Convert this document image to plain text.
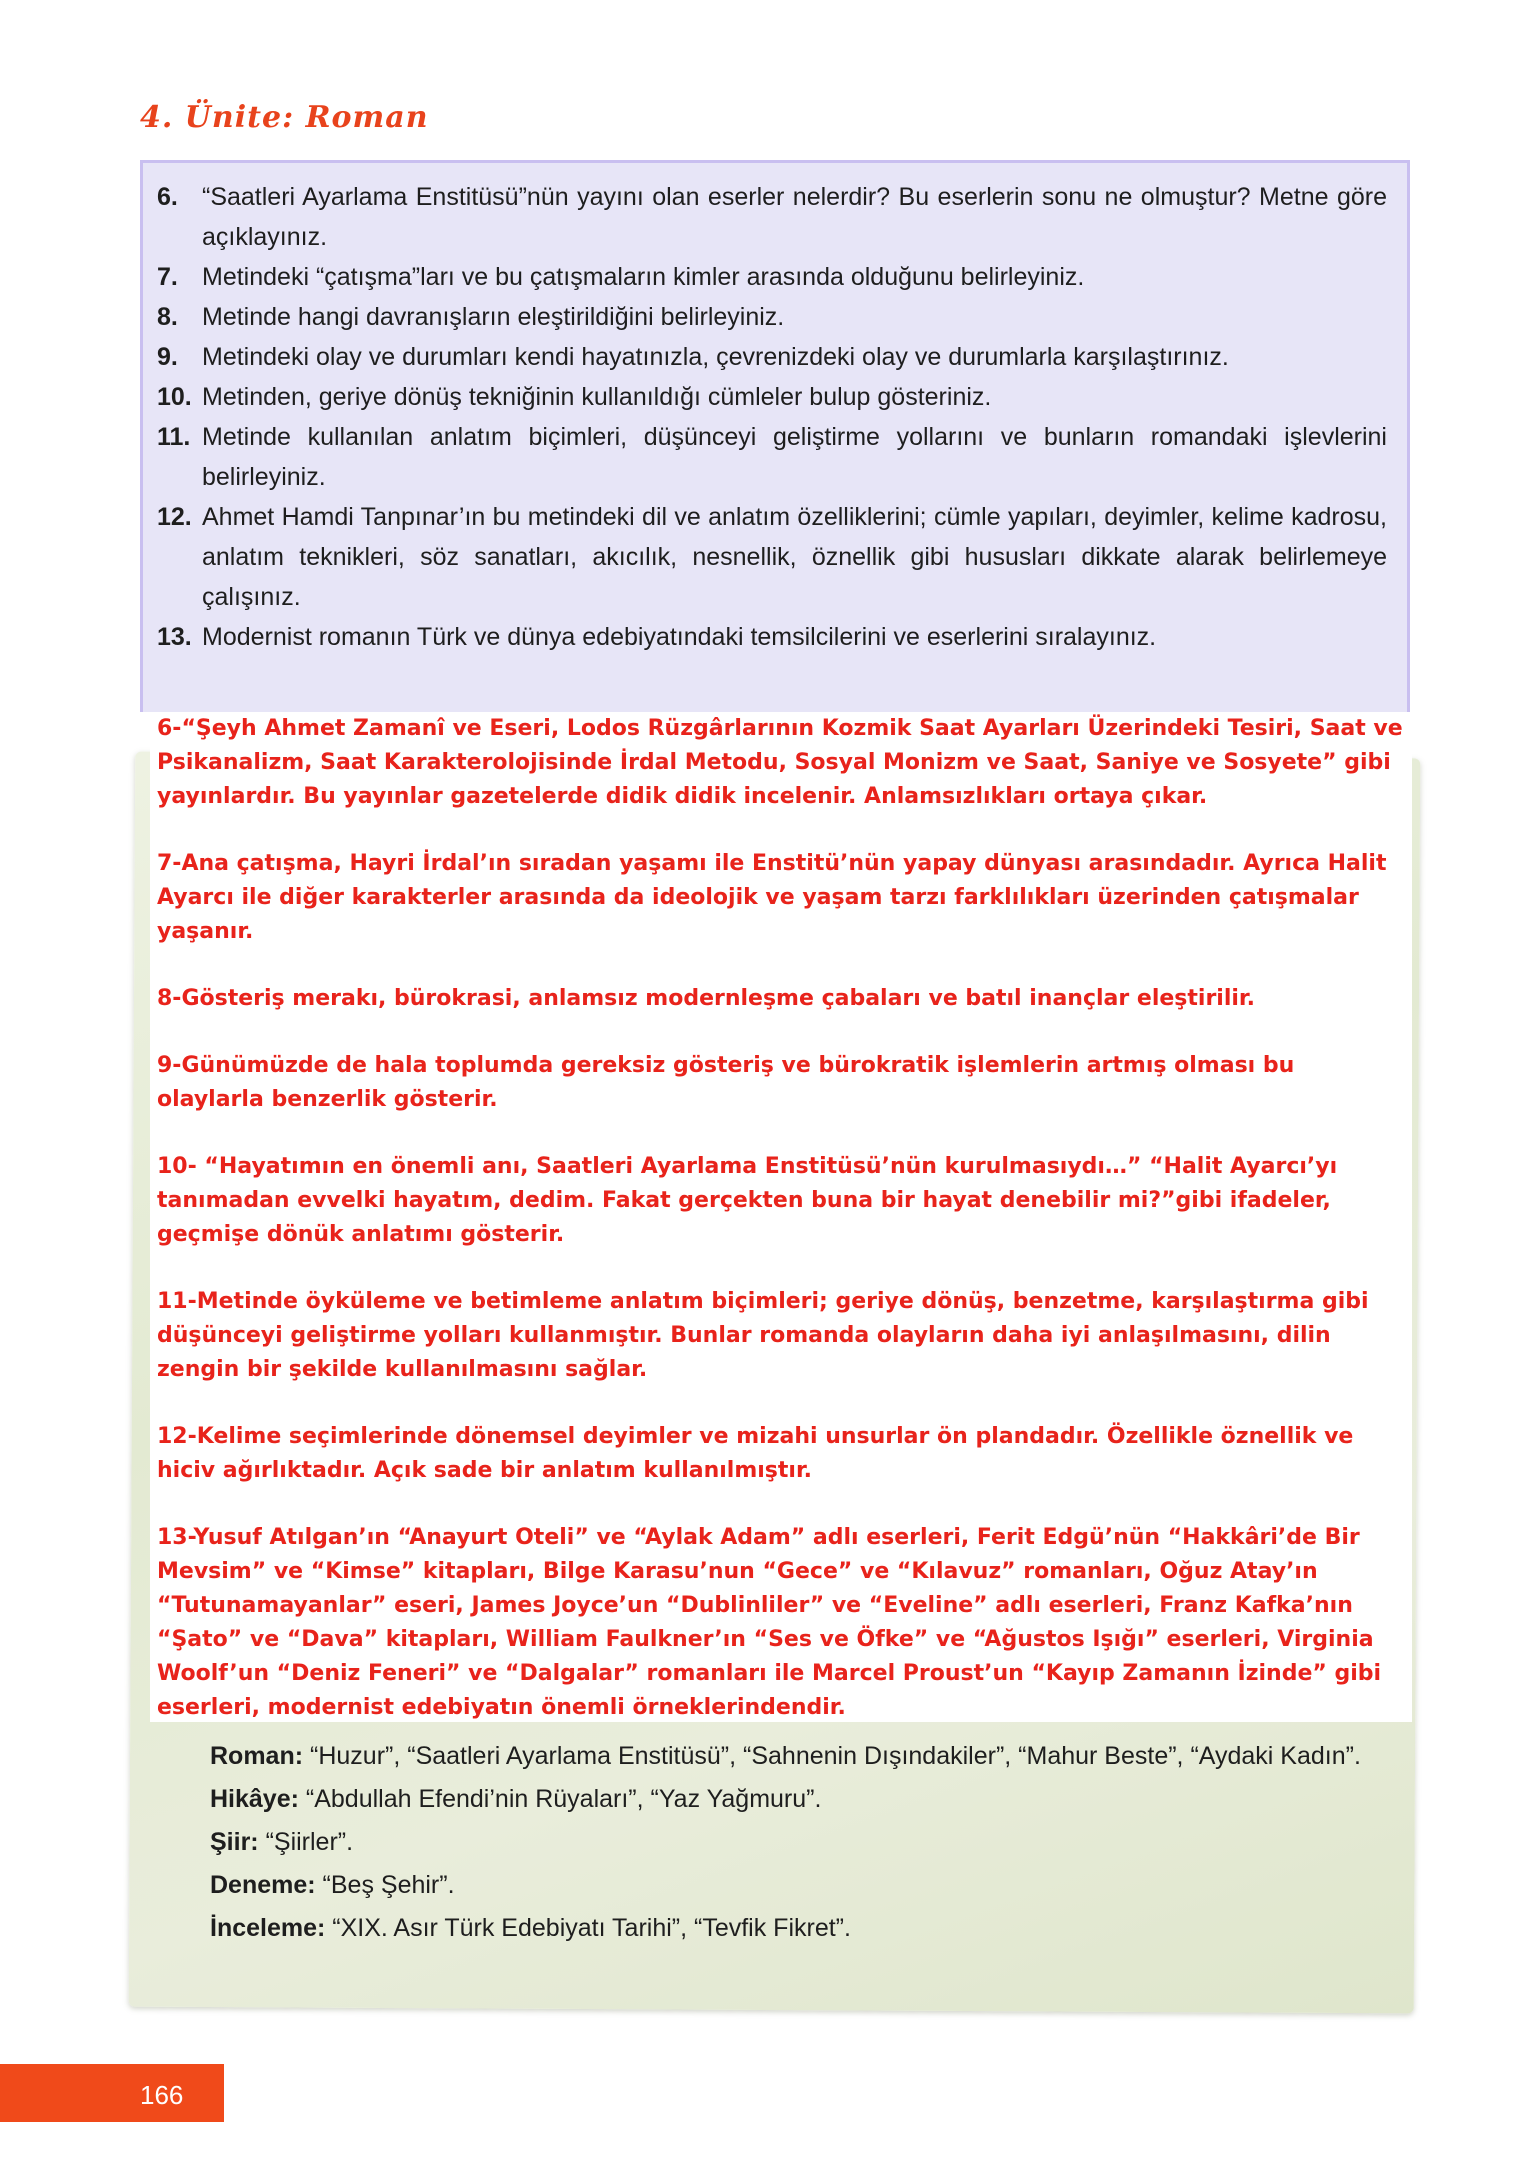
4. Ünite: Roman
6. “Saatleri Ayarlama Enstitüsü”nün yayını olan eserler nelerdir? Bu eserlerin sonu ne olmuştur? Metne göre açıklayınız.
7. Metindeki “çatışma”ları ve bu çatışmaların kimler arasında olduğunu belirleyiniz.
8. Metinde hangi davranışların eleştirildiğini belirleyiniz.
9. Metindeki olay ve durumları kendi hayatınızla, çevrenizdeki olay ve durumlarla karşılaştırınız.
10. Metinden, geriye dönüş tekniğinin kullanıldığı cümleler bulup gösteriniz.
11. Metinde kullanılan anlatım biçimleri, düşünceyi geliştirme yollarını ve bunların romandaki işlevlerini belirleyiniz.
12. Ahmet Hamdi Tanpınar’ın bu metindeki dil ve anlatım özelliklerini; cümle yapıları, deyimler, kelime kadrosu, anlatım teknikleri, söz sanatları, akıcılık, nesnellik, öznellik gibi hususları dikkate alarak belirlemeye çalışınız.
13. Modernist romanın Türk ve dünya edebiyatındaki temsilcilerini ve eserlerini sıralayınız.
6-“Şeyh Ahmet Zamanî ve Eseri, Lodos Rüzgârlarının Kozmik Saat Ayarları Üzerindeki Tesiri, Saat ve Psikanalizm, Saat Karakterolojisinde İrdal Metodu, Sosyal Monizm ve Saat, Saniye ve Sosyete” gibi yayınlardır. Bu yayınlar gazetelerde didik didik incelenir. Anlamsızlıkları ortaya çıkar.
7-Ana çatışma, Hayri İrdal’ın sıradan yaşamı ile Enstitü’nün yapay dünyası arasındadır. Ayrıca Halit Ayarcı ile diğer karakterler arasında da ideolojik ve yaşam tarzı farklılıkları üzerinden çatışmalar yaşanır.
8-Gösteriş merakı, bürokrasi, anlamsız modernleşme çabaları ve batıl inançlar eleştirilir.
9-Günümüzde de hala toplumda gereksiz gösteriş ve bürokratik işlemlerin artmış olması bu olaylarla benzerlik gösterir.
10- “Hayatımın en önemli anı, Saatleri Ayarlama Enstitüsü’nün kurulmasıydı…” “Halit Ayarcı’yı tanımadan evvelki hayatım, dedim. Fakat gerçekten buna bir hayat denebilir mi?”gibi ifadeler, geçmişe dönük anlatımı gösterir.
11-Metinde öyküleme ve betimleme anlatım biçimleri; geriye dönüş, benzetme, karşılaştırma gibi düşünceyi geliştirme yolları kullanmıştır. Bunlar romanda olayların daha iyi anlaşılmasını, dilin zengin bir şekilde kullanılmasını sağlar.
12-Kelime seçimlerinde dönemsel deyimler ve mizahi unsurlar ön plandadır. Özellikle öznellik ve hiciv ağırlıktadır. Açık sade bir anlatım kullanılmıştır.
13-Yusuf Atılgan’ın “Anayurt Oteli” ve “Aylak Adam” adlı eserleri, Ferit Edgü’nün “Hakkâri’de Bir Mevsim” ve “Kimse” kitapları, Bilge Karasu’nun “Gece” ve “Kılavuz” romanları, Oğuz Atay’ın “Tutunamayanlar” eseri, James Joyce’un “Dublinliler” ve “Eveline” adlı eserleri, Franz Kafka’nın “Şato” ve “Dava” kitapları, William Faulkner’ın “Ses ve Öfke” ve “Ağustos Işığı” eserleri, Virginia Woolf’un “Deniz Feneri” ve “Dalgalar” romanları ile Marcel Proust’un “Kayıp Zamanın İzinde” gibi eserleri, modernist edebiyatın önemli örneklerindendir.
Roman: “Huzur”, “Saatleri Ayarlama Enstitüsü”, “Sahnenin Dışındakiler”, “Mahur Beste”, “Aydaki Kadın”.
Hikâye: “Abdullah Efendi’nin Rüyaları”, “Yaz Yağmuru”.
Şiir: “Şiirler”.
Deneme: “Beş Şehir”.
İnceleme: “XIX. Asır Türk Edebiyatı Tarihi”, “Tevfik Fikret”.
166
